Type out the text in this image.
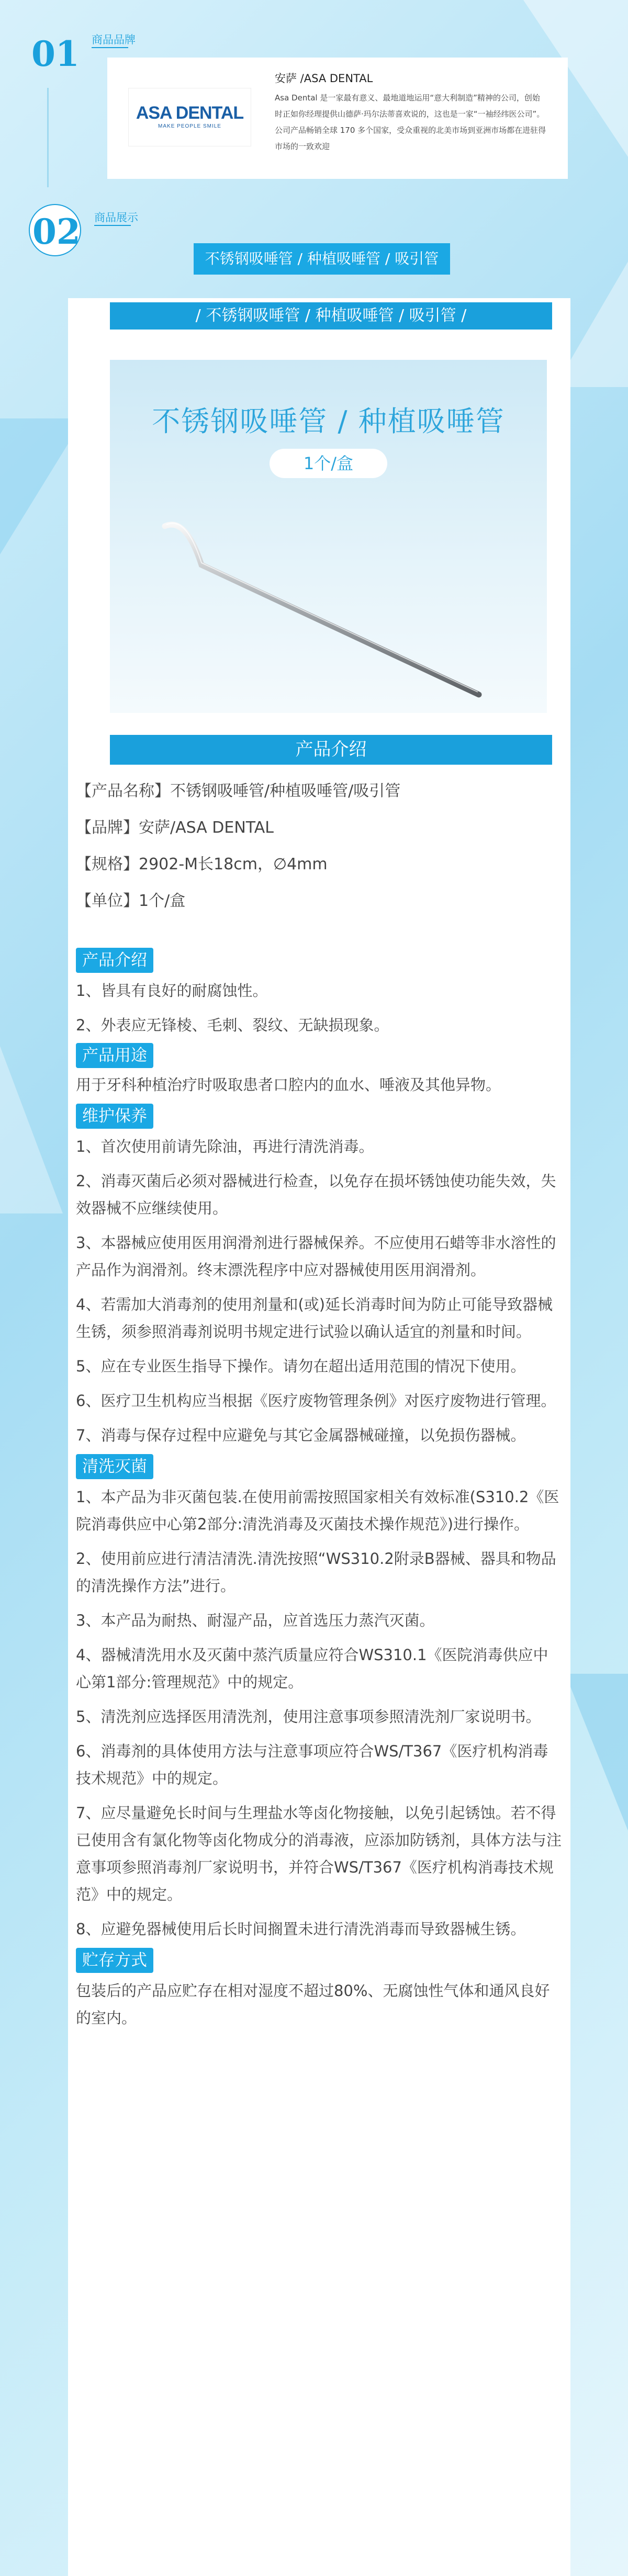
01 商品品牌
ASA DENTAL
MAKE PEOPLE SMILE
安萨 /ASA DENTAL
Asa Dental 是一家最有意义、最地道地运用“意大利制造”精神的公司，创始时正如你经理提供山德萨·玛尔法蒂喜欢说的，这也是一家“一袖经纬医公司”。公司产品畅销全球 170 多个国家，受众重视的北美市场到亚洲市场都在进驻得市场的一致欢迎
02 商品展示
不锈钢吸唾管 / 种植吸唾管 / 吸引管
/ 不锈钢吸唾管 / 种植吸唾管 / 吸引管 /
不锈钢吸唾管 / 种植吸唾管
1个/盒
产品介绍
【产品名称】不锈钢吸唾管/种植吸唾管/吸引管
【品牌】安萨/ASA DENTAL
【规格】2902-M长18cm，∅4mm
【单位】1个/盒
产品介绍
1、皆具有良好的耐腐蚀性。
2、外表应无锋棱、毛刺、裂纹、无缺损现象。
产品用途
用于牙科种植治疗时吸取患者口腔内的血水、唾液及其他异物。
维护保养
1、首次使用前请先除油，再进行清洗消毒。
2、消毒灭菌后必须对器械进行检查，以免存在损坏锈蚀使功能失效，失效器械不应继续使用。
3、本器械应使用医用润滑剂进行器械保养。不应使用石蜡等非水溶性的产品作为润滑剂。终末漂洗程序中应对器械使用医用润滑剂。
4、若需加大消毒剂的使用剂量和(或)延长消毒时间为防止可能导致器械生锈，须参照消毒剂说明书规定进行试验以确认适宜的剂量和时间。
5、应在专业医生指导下操作。请勿在超出适用范围的情况下使用。
6、医疗卫生机构应当根据《医疗废物管理条例》对医疗废物进行管理。
7、消毒与保存过程中应避免与其它金属器械碰撞，以免损伤器械。
清洗灭菌
1、本产品为非灭菌包装.在使用前需按照国家相关有效标准(S310.2《医院消毒供应中心第2部分:清洗消毒及灭菌技术操作规范》)进行操作。
2、使用前应进行清洁清洗.清洗按照“WS310.2附录B器械、器具和物品的清洗操作方法”进行。
3、本产品为耐热、耐湿产品，应首选压力蒸汽灭菌。
4、器械清洗用水及灭菌中蒸汽质量应符合WS310.1《医院消毒供应中心第1部分:管理规范》中的规定。
5、清洗剂应选择医用清洗剂，使用注意事项参照清洗剂厂家说明书。
6、消毒剂的具体使用方法与注意事项应符合WS/T367《医疗机构消毒技术规范》中的规定。
7、应尽量避免长时间与生理盐水等卤化物接触，以免引起锈蚀。若不得已使用含有氯化物等卤化物成分的消毒液，应添加防锈剂，具体方法与注意事项参照消毒剂厂家说明书，并符合WS/T367《医疗机构消毒技术规范》中的规定。
8、应避免器械使用后长时间搁置未进行清洗消毒而导致器械生锈。
贮存方式
包装后的产品应贮存在相对湿度不超过80%、无腐蚀性气体和通风良好的室内。
